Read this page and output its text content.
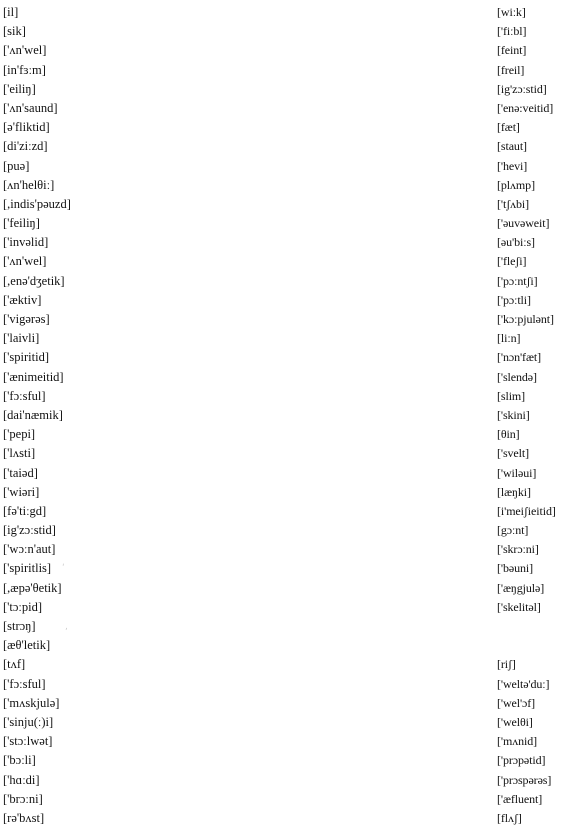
[il]
[sik]
['ʌn'wel]
[in'fɜːm]
['eiliŋ]
['ʌn'saund]
[ə'fliktid]
[di'ziːzd]
[puə]
[ʌn'helθiː]
[,indis'pəuzd]
['feiliŋ]
['invəlid]
['ʌn'wel]
[,enə'dʒetik]
['æktiv]
['vigərəs]
['laivli]
['spiritid]
['ænimeitid]
['fɔːsful]
[dai'næmik]
['pepi]
['lʌsti]
['taiəd]
['wiəri]
[fə'tiːgd]
[ig'zɔːstid]
['wɔːn'aut]
['spiritlis]
[,æpə'θetik]
['tɔːpid]
[strɔŋ]
[æθ'letik]
[tʌf]
['fɔːsful]
['mʌskjulə]
['sinju(ː)i]
['stɔːlwət]
['bɔːli]
['hɑːdi]
['brɔːni]
[rə'bʌst]
[wiːk]
['fiːbl]
[feint]
[freil]
[ig'zɔːstid]
['enə:veitid]
[fæt]
[staut]
['hevi]
[plʌmp]
['tʃʌbi]
['əuvəweit]
[əu'biːs]
['fleʃi]
['pɔːntʃi]
['pɔːtli]
['kɔːpjulənt]
[liːn]
['nɔn'fæt]
['slendə]
[slim]
['skini]
[θin]
['svelt]
['wiləui]
[læŋki]
[i'meiʃieitid]
[gɔːnt]
['skrɔːni]
['bəuni]
['æŋgjulə]
['skelitəl]
[riʃ]
['weltə'duː]
['wel'ɔf]
['welθi]
['mʌnid]
['prɔpətid]
['prɔspərəs]
['æfluent]
[flʌʃ]
‘
,
